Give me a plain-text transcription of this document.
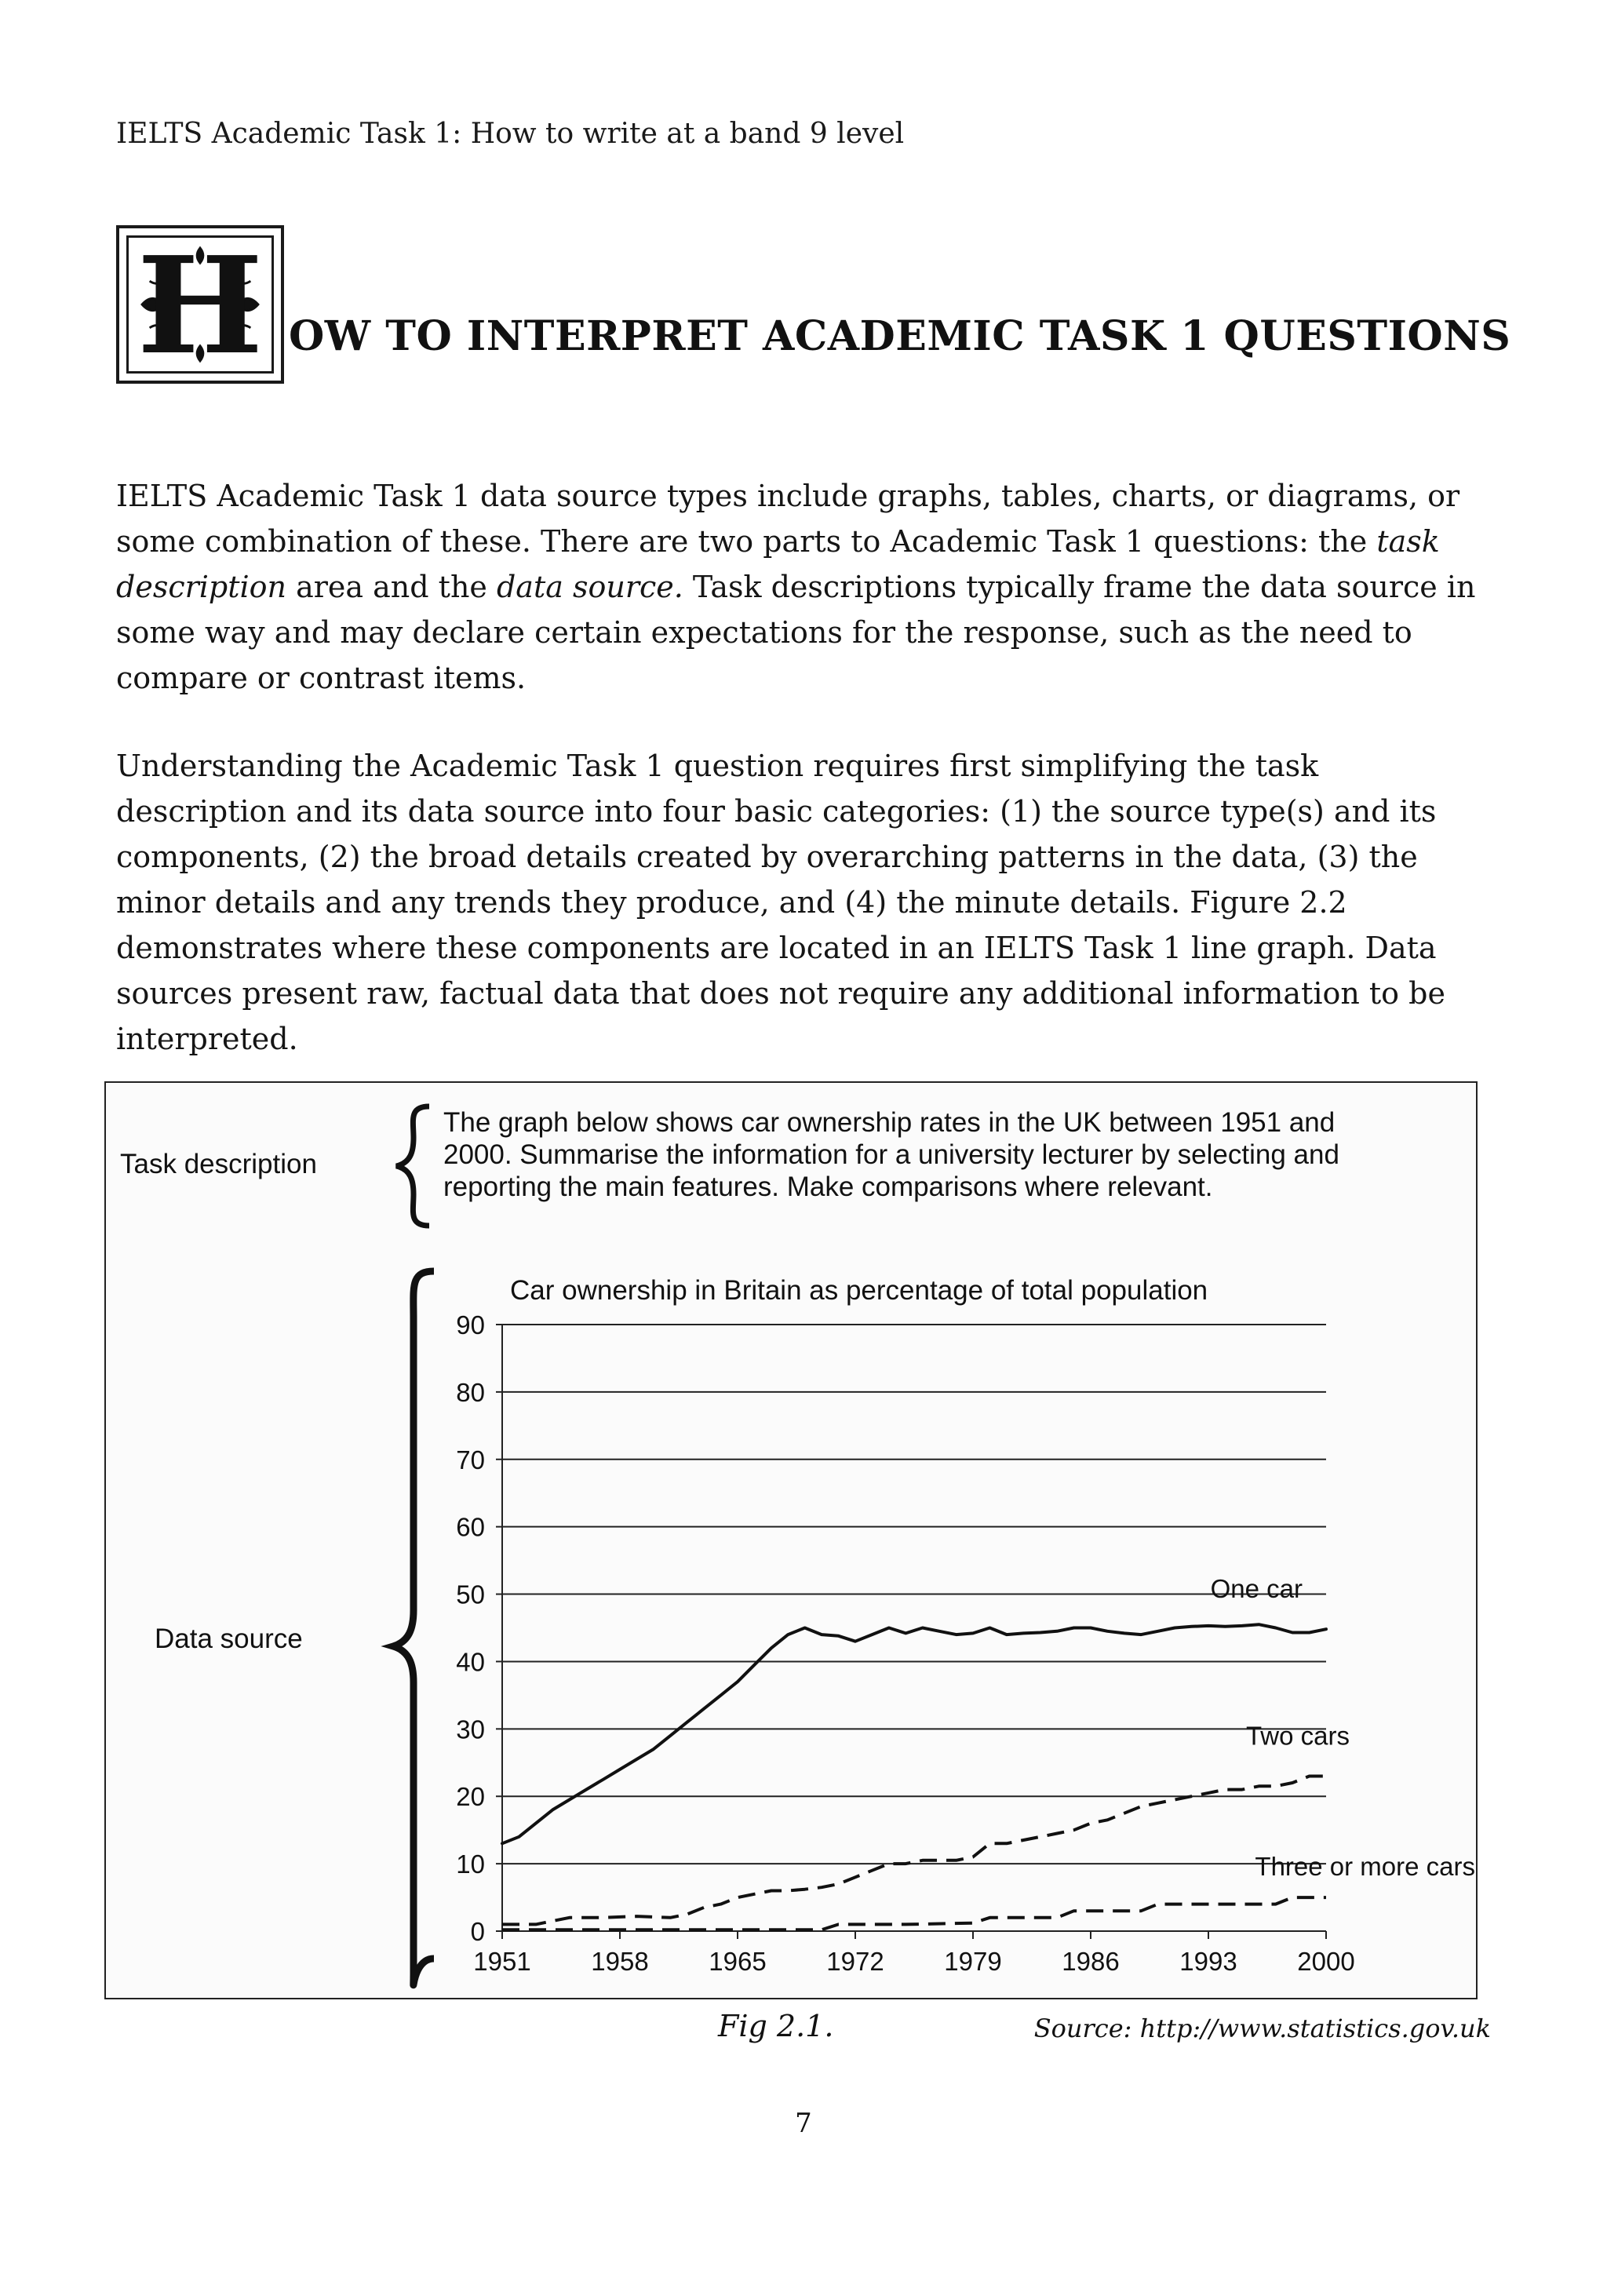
IELTS Academic Task 1: How to write at a band 9 level
H OW TO INTERPRET ACADEMIC TASK 1 QUESTIONS

IELTS Academic Task 1 data source types include graphs, tables, charts, or diagrams, or some combination of these. There are two parts to Academic Task 1 questions: the task description area and the data source. Task descriptions typically frame the data source in some way and may declare certain expectations for the response, such as the need to compare or contrast items.

Understanding the Academic Task 1 question requires first simplifying the task description and its data source into four basic categories: (1) the source type(s) and its components, (2) the broad details created by overarching patterns in the data, (3) the minor details and any trends they produce, and (4) the minute details. Figure 2.2 demonstrates where these components are located in an IELTS Task 1 line graph. Data sources present raw, factual data that does not require any additional information to be interpreted.

Task description
Data source
The graph below shows car ownership rates in the UK between 1951 and
2000. Summarise the information for a university lecturer by selecting and
reporting the main features. Make comparisons where relevant.
Car ownership in Britain as percentage of total population
0
10
20
30
40
50
60
70
80
90
1951 1958 1965 1972 1979 1986 1993 2000
One car
Two cars
Three or more cars
Fig 2.1.	Source: http://www.statistics.gov.uk
7
